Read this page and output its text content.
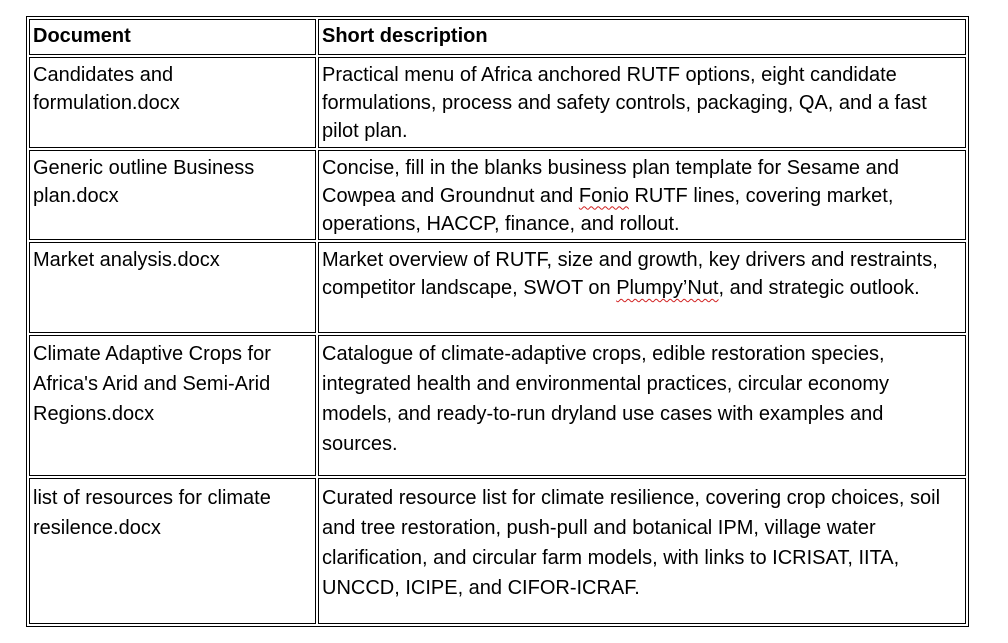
Document	Short description
Candidates and formulation.docx	Practical menu of Africa anchored RUTF options, eight candidate formulations, process and safety controls, packaging, QA, and a fast pilot plan.
Generic outline Business plan.docx	Concise, fill in the blanks business plan template for Sesame and Cowpea and Groundnut and Fonio RUTF lines, covering market, operations, HACCP, finance, and rollout.
Market analysis.docx	Market overview of RUTF, size and growth, key drivers and restraints, competitor landscape, SWOT on Plumpy’Nut, and strategic outlook.
Climate Adaptive Crops for Africa's Arid and Semi-Arid Regions.docx	Catalogue of climate-adaptive crops, edible restoration species, integrated health and environmental practices, circular economy models, and ready-to-run dryland use cases with examples and sources.
list of resources for climate resilence.docx	Curated resource list for climate resilience, covering crop choices, soil and tree restoration, push-pull and botanical IPM, village water clarification, and circular farm models, with links to ICRISAT, IITA, UNCCD, ICIPE, and CIFOR-ICRAF.
